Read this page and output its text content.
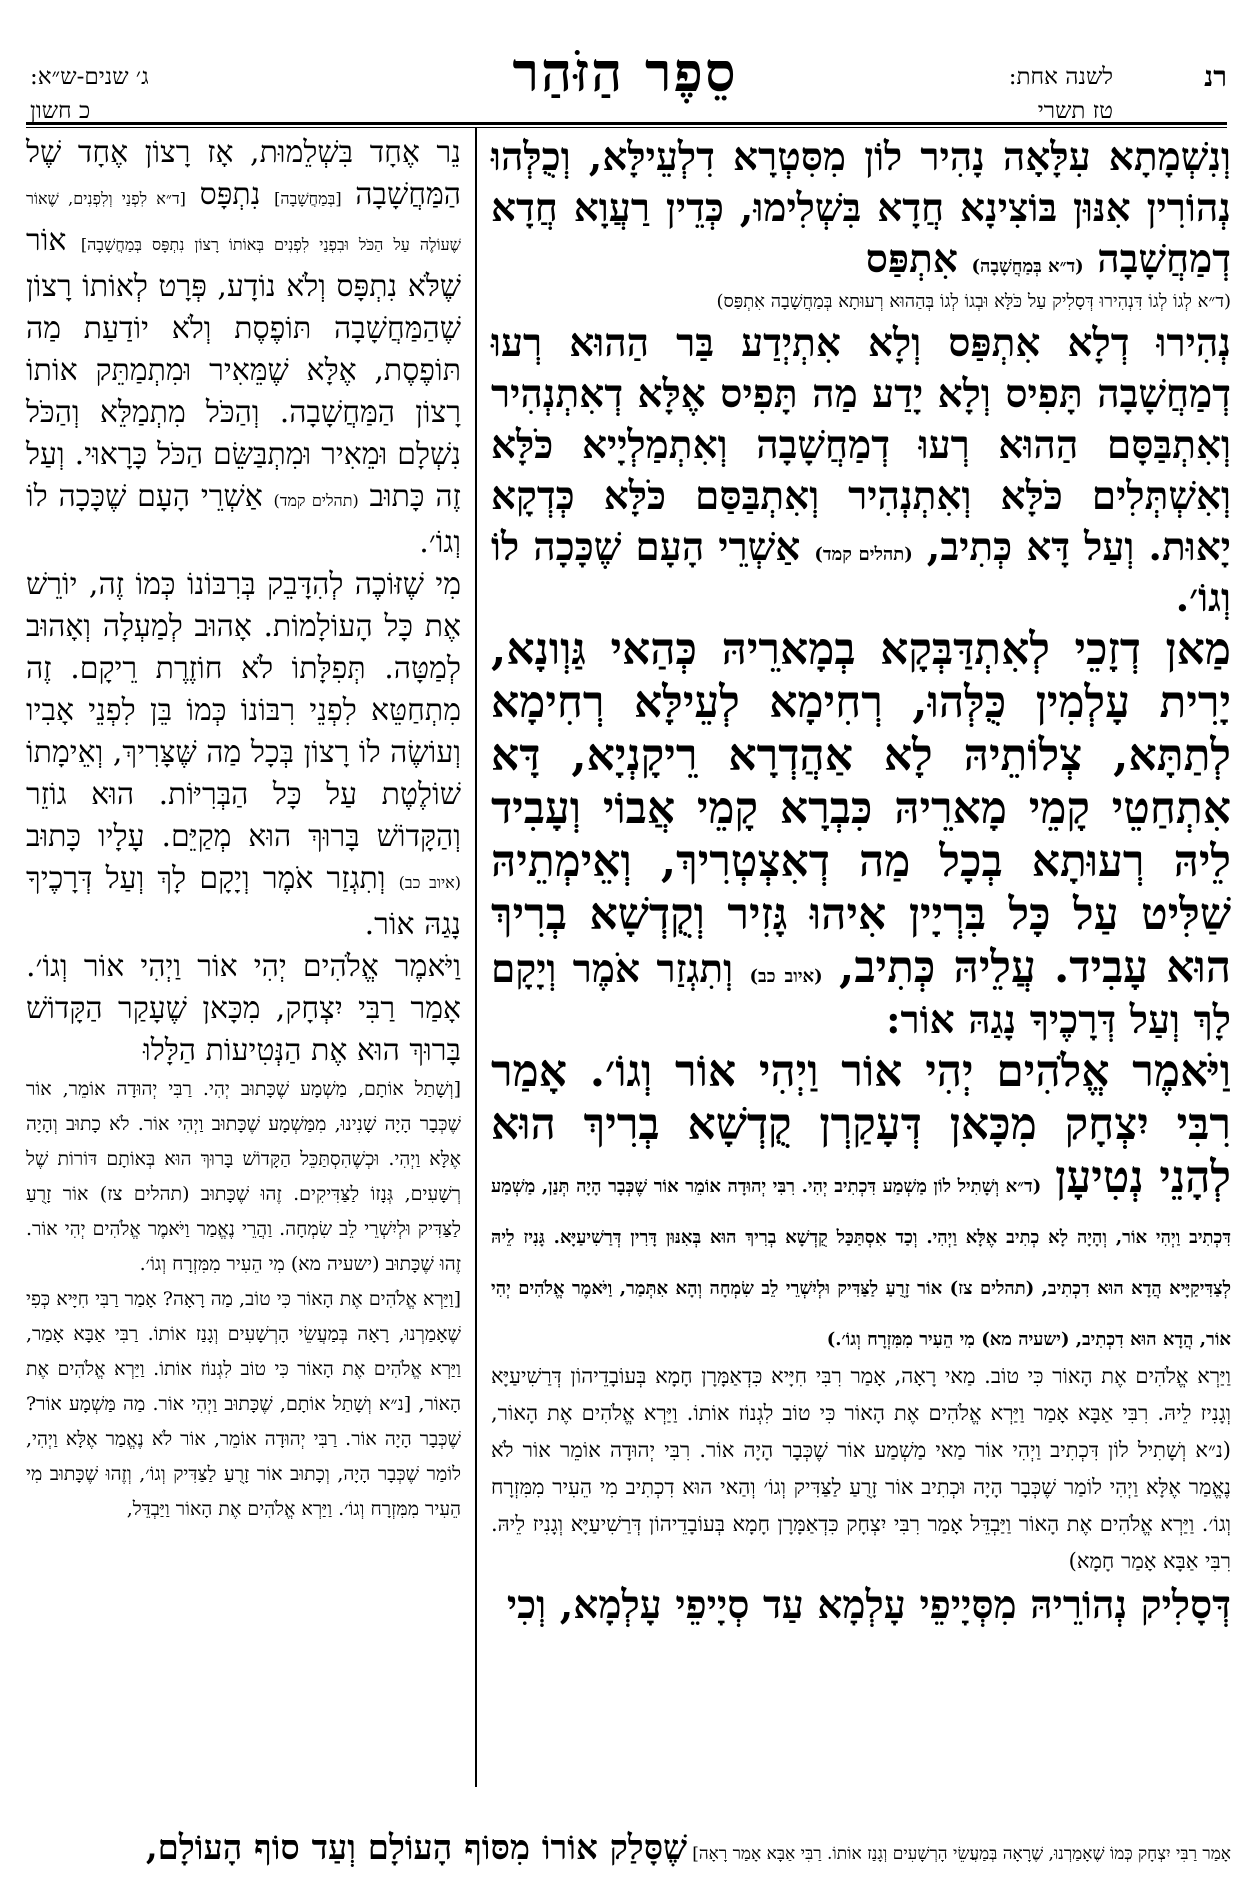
רנ
לשנה אחת:
טז תשרי
סֵפֶר הַזֹּהַר
ג׳ שנים-ש״א:
כ חשון

וְנִשְׁמָתָא עִלָּאָה נָהִיר לוֹן מִסִּטְרָא דִלְעֵילָּא, וְכֻלְּהוּ נְהוֹרִין אִנּוּן בּוֹצִינָא חֲדָא בִּשְׁלִימוּ, כְּדֵין רַעֲוָא חֲדָא דְמַחֲשָׁבָה (ד״א בְּמַחֲשָׁבָה) אִתְפַּס

(ד״א לְגוֹ לְגוֹ דִּנְהִירוּ דְּסָלִיק עַל כֹּלָּא וּבְגוֹ לְגוֹ בְּהַהוּא רְעוּתָא בְּמַחֲשָׁבָה אִתְפַּס)

נְהִירוּ דְלָא אִתְפַּס וְלָא אִתְיְדַע בַּר הַהוּא רְעוּ דְמַחֲשָׁבָה תָּפִיס וְלָא יָדַע מַה תָּפִיס אֶלָּא דְאִתְנְהִיר וְאִתְבַּסָּם הַהוּא רְעוּ דְמַחֲשָׁבָה וְאִתְמַלְיָיא כֹּלָּא וְאִשְׁתְּלִים כֹּלָּא וְאִתְנְהִיר וְאִתְבַּסַּם כֹּלָּא כְּדְקָא יָאוּת. וְעַל דָּא כְּתִיב, (תהלים קמד) אַשְׁרֵי הָעָם שֶׁכָּכָה לוֹ וְגוֹ׳.

מַאן דְזָכֵי לְאִתְדַּבְּקָא בְמָארֵיהּ כְּהַאי גַּוְונָא, יָרִית עָלְמִין כֻּלְּהוּ, רְחִימָא לְעֵילָּא רְחִימָא לְתַתָּא, צְלוֹתֵיהּ לָא אַהֲדְרָא רֵיקָנְיָא, דָּא אִתְחַטֵי קָמֵי מָארֵיהּ כִּבְרָא קָמֵי אֲבוֹי וְעָבִיד לֵיהּ רְעוּתָא בְכָל מַה דְאִצְטְרִיךְ, וְאֵימְתֵיהּ שַׁלִּיט עַל כָּל בִּרְיָין אִיהוּ גָּזִיר וְקֻדְשָׁא בְרִיךְ הוּא עָבִיד. עֲלֵיהּ כְּתִיב, (איוב כב) וְתִגְזַר אֹמֶר וְיָקָם לָךְ וְעַל דְּרָכֶיךָ נָגַהּ אוֹר:

וַיֹּאמֶר אֱלֹהִים יְהִי אוֹר וַיְהִי אוֹר וְגוֹ׳. אָמַר רִבִּי יִצְחָק מִכָּאן דְּעָקַרְן קֻדְשָׁא בְרִיךְ הוּא לְהָנֵי נְטִיעָן (ד״א וְשָׁתִיל לוֹן מַשְׁמַע דִּכְתִיב יְהִי. רִבִּי יְהוּדָה אוֹמֵר אוֹר שֶׁכְּבָר הָיָה תְּנַן, מַשְׁמַע דִּכְתִיב וַיְהִי אוֹר, וְהָיָה לָא כְתִיב אֶלָּא וַיְהִי. וְכַד אִסְתַּכַּל קֻדְשָׁא בְרִיךְ הוּא בְּאִנּוּן דָּרִין דְּרַשִׁיעַיָּא. גָּנִיז לֵיהּ לְצַדִּיקַיָּיא הֲדָא הוּא דִכְתִיב, (תהלים צז) אוֹר זָרֻעַ לַצַּדִּיק וּלְיִשְׁרֵי לֵב שִׂמְחָה וְהָא אִתְּמַר, וַיֹּאמֶר אֱלֹהִים יְהִי אוֹר, הֲדָא הוּא דִכְתִיב, (ישעיה מא) מִי הֵעִיר מִמִּזְרָח וְגוֹ׳.)

וַיַּרְא אֱלֹהִים אֶת הָאוֹר כִּי טוֹב. מַאי רָאָה, אָמַר רִבִּי חִיָּיא כִּדְאַמָּרָן חָמָא בְּעוֹבָדֵיהוֹן דְּרַשִׁיעַיָּא וְגָנִיז לֵיהּ. רִבִּי אַבָּא אָמַר וַיַּרְא אֱלֹהִים אֶת הָאוֹר כִּי טוֹב לִגְנוֹז אוֹתוֹ. וַיַּרְא אֱלֹהִים אֶת הָאוֹר, (נ״א וְשָׁתִיל לוֹן דִּכְתִיב וַיְהִי אוֹר מַאי מַשְׁמַע אוֹר שֶׁכְּבָר הָיָה אוֹר. רִבִּי יְהוּדָה אוֹמֵר אוֹר לֹא נֶאֱמַר אֶלָּא וַיְהִי לוֹמַר שֶׁכְּבָר הָיָה וּכְתִיב אוֹר זָרֻעַ לַצַּדִּיק וְגוֹ׳ וְהַאי הוּא דִכְתִיב מִי הֵעִיר מִמִּזְרָח וְגוֹ׳. וַיַּרְא אֱלֹהִים אֶת הָאוֹר וַיַּבְדֵּל אָמַר רִבִּי יִצְחָק כִּדְאַמָּרָן חָמָא בְּעוֹבָדֵיהוֹן דְּרַשִׁיעַיָּא וְגָנִיז לֵיהּ. רִבִּי אַבָּא אָמַר חָמָא)

דְּסָלִיק נְהוֹרֵיהּ מִסְּיָיפֵי עָלְמָא עַד סְיָיפֵי עָלְמָא, וְכִי

נֵר אֶחָד בִּשְׁלֵמוּת, אָז רָצוֹן אֶחָד שֶׁל הַמַּחֲשָׁבָה [בְּמַחֲשָׁבָה] נִתְפָּס [ד״א לִפְנַי וְלִפְנִים, שֶׁאוֹר שֶׁעוֹלֶה עַל הַכֹּל וּבִפְנַי לִפְנִים בְּאוֹתוֹ רָצוֹן נִתְפָּס בְּמַחֲשָׁבָה] אוֹר שֶׁלֹּא נִתְפָּס וְלֹא נוֹדָע, פְּרָט לְאוֹתוֹ רָצוֹן שֶׁהַמַּחֲשָׁבָה תּוֹפֶסֶת וְלֹא יוֹדַעַת מַה תּוֹפֶסֶת, אֶלָּא שֶׁמֵּאִיר וּמִתְמַתֵּק אוֹתוֹ רָצוֹן הַמַּחֲשָׁבָה. וְהַכֹּל מִתְמַלֵּא וְהַכֹּל נִשְׁלָם וּמֵאִיר וּמִתְבַּשֵּׂם הַכֹּל כָּרָאוּי. וְעַל זֶה כָּתוּב (תהלים קמד) אַשְׁרֵי הָעָם שֶׁכָּכָה לוֹ וְגוֹ׳.

מִי שֶׁזּוֹכֶה לְהִדָּבֵק בְּרִבּוֹנוֹ כְּמוֹ זֶה, יוֹרֵשׁ אֶת כָּל הָעוֹלָמוֹת. אָהוּב לְמַעְלָה וְאָהוּב לְמַטָּה. תְּפִלָּתוֹ לֹא חוֹזֶרֶת רֵיקָם. זֶה מִתְחַטֵּא לִפְנֵי רִבּוֹנוֹ כְּמוֹ בֵּן לִפְנֵי אָבִיו וְעוֹשֶׂה לוֹ רָצוֹן בְּכָל מַה שֶּׁצָּרִיךְ, וְאֵימָתוֹ שׁוֹלֶטֶת עַל כָּל הַבְּרִיּוֹת. הוּא גוֹזֵר וְהַקָּדוֹשׁ בָּרוּךְ הוּא מְקַיֵּם. עָלָיו כָּתוּב (איוב כב) וְתִגְזַר אֹמֶר וְיָקָם לָךְ וְעַל דְּרָכֶיךָ נָגַהּ אוֹר.

וַיֹּאמֶר אֱלֹהִים יְהִי אוֹר וַיְהִי אוֹר וְגוֹ׳. אָמַר רַבִּי יִצְחָק, מִכָּאן שֶׁעָקַר הַקָּדוֹשׁ בָּרוּךְ הוּא אֶת הַנְּטִיעוֹת הַלָּלוּ

[וְשָׁתַל אוֹתָם, מַשְׁמָע שֶׁכָּתוּב יְהִי. רַבִּי יְהוּדָה אוֹמֵר, אוֹר שֶׁכְּבָר הָיָה שָׁנִינוּ, מִמַּשְׁמָע שֶׁכָּתוּב וַיְהִי אוֹר. לֹא כָתוּב וְהָיָה אֶלָּא וַיְהִי. וּכְשֶׁהִסְתַּכֵּל הַקָּדוֹשׁ בָּרוּךְ הוּא בְּאוֹתָם דּוֹרוֹת שֶׁל רְשָׁעִים, גְּנָזוֹ לַצַּדִּיקִים. זֶהוּ שֶׁכָּתוּב (תהלים צז) אוֹר זָרֻעַ לַצַּדִּיק וּלְיִשְׁרֵי לֵב שִׂמְחָה. וַהֲרֵי נֶאֱמַר וַיֹּאמֶר אֱלֹהִים יְהִי אוֹר. זֶהוּ שֶׁכָּתוּב (ישעיה מא) מִי הֵעִיר מִמִּזְרָח וְגוֹ׳.

[וַיַּרְא אֱלֹהִים אֶת הָאוֹר כִּי טוֹב, מַה רָאָה? אָמַר רַבִּי חִיָּיא כְּפִי שֶׁאָמַרְנוּ, רָאָה בְּמַעֲשֵׂי הָרְשָׁעִים וְגָנַז אוֹתוֹ. רַבִּי אַבָּא אָמַר, וַיַּרְא אֱלֹהִים אֶת הָאוֹר כִּי טוֹב לִגְנוֹז אוֹתוֹ. וַיַּרְא אֱלֹהִים אֶת הָאוֹר, [נ״א וְשָׁתַל אוֹתָם, שֶׁכָּתוּב וַיְהִי אוֹר. מַה מַּשְׁמָע אוֹר? שֶׁכְּבָר הָיָה אוֹר. רַבִּי יְהוּדָה אוֹמֵר, אוֹר לֹא נֶאֱמַר אֶלָּא וַיְהִי, לוֹמַר שֶׁכְּבָר הָיָה, וְכָתוּב אוֹר זָרֻעַ לַצַּדִּיק וְגוֹ׳, וְזֶהוּ שֶׁכָּתוּב מִי הֵעִיר מִמִּזְרָח וְגוֹ׳. וַיַּרְא אֱלֹהִים אֶת הָאוֹר וַיַּבְדֵּל,

אָמַר רַבִּי יִצְחָק כְּמוֹ שֶׁאָמַרְנוּ, שֶׁרָאָה בְּמַעֲשֵׂי הָרְשָׁעִים וְגָנַז אוֹתוֹ. רַבִּי אַבָּא אָמַר רָאָה] שֶׁסָּלַק אוֹרוֹ מִסּוֹף הָעוֹלָם וְעַד סוֹף הָעוֹלָם,
